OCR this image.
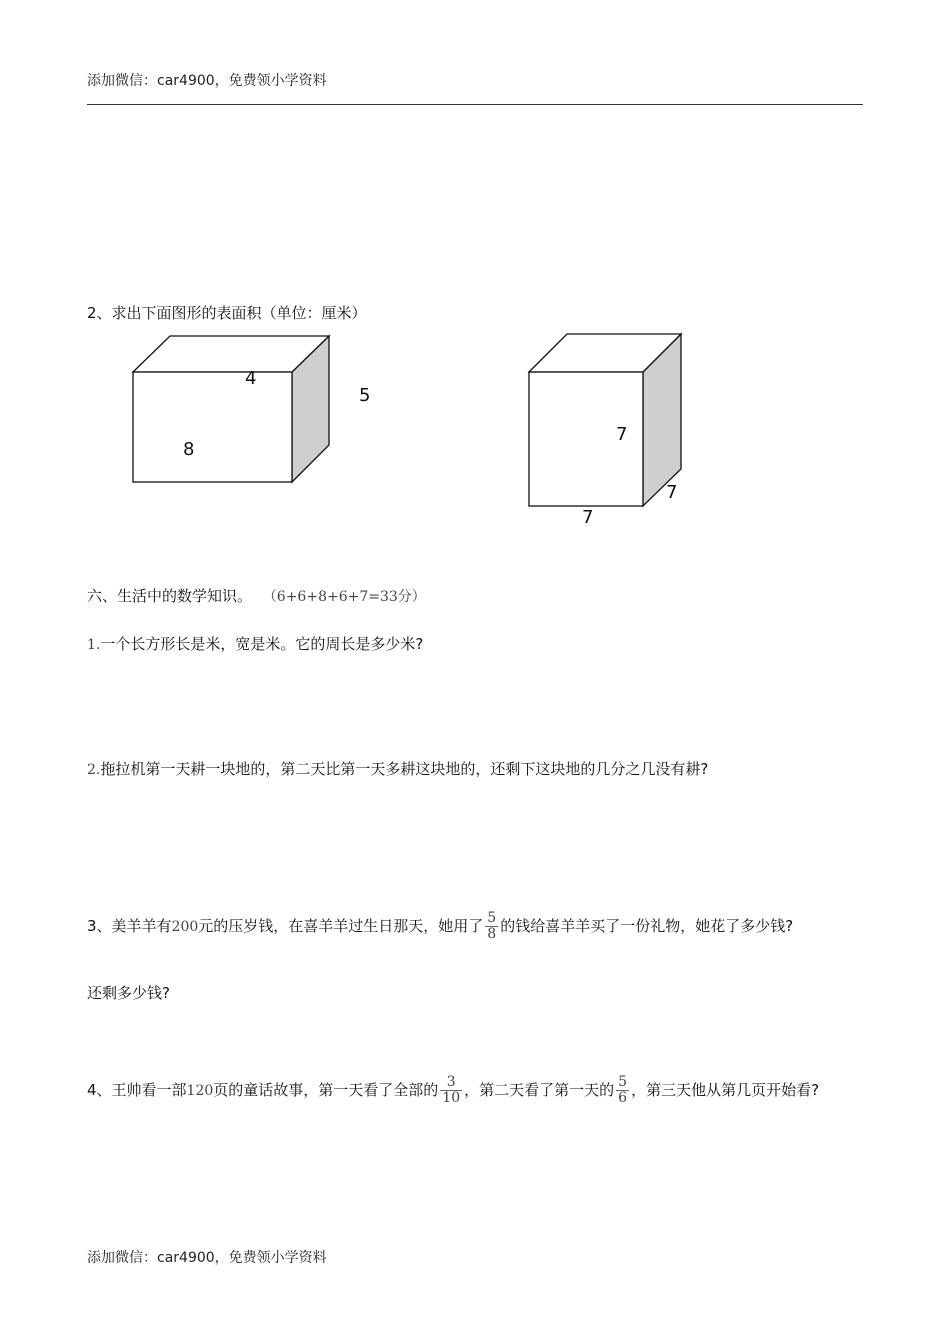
添加微信：car4900，免费领小学资料
2、求出下面图形的表面积（单位：厘米）
4
5
8
7
7
7
六、生活中的数学知识。 （6+6+8+6+7=33分）
1.一个长方形长是米，宽是米。它的周长是多少米?
2.拖拉机第一天耕一块地的，第二天比第一天多耕这块地的，还剩下这块地的几分之几没有耕?
3、美羊羊有200元的压岁钱，在喜羊羊过生日那天，她用了 $\frac{5}{8}$ 的钱给喜羊羊买了一份礼物，她花了多少钱?
还剩多少钱?
4、王帅看一部120页的童话故事，第一天看了全部的 $\frac{3}{10}$ ，第二天看了第一天的 $\frac{5}{6}$ ，第三天他从第几页开始看?
添加微信：car4900，免费领小学资料
